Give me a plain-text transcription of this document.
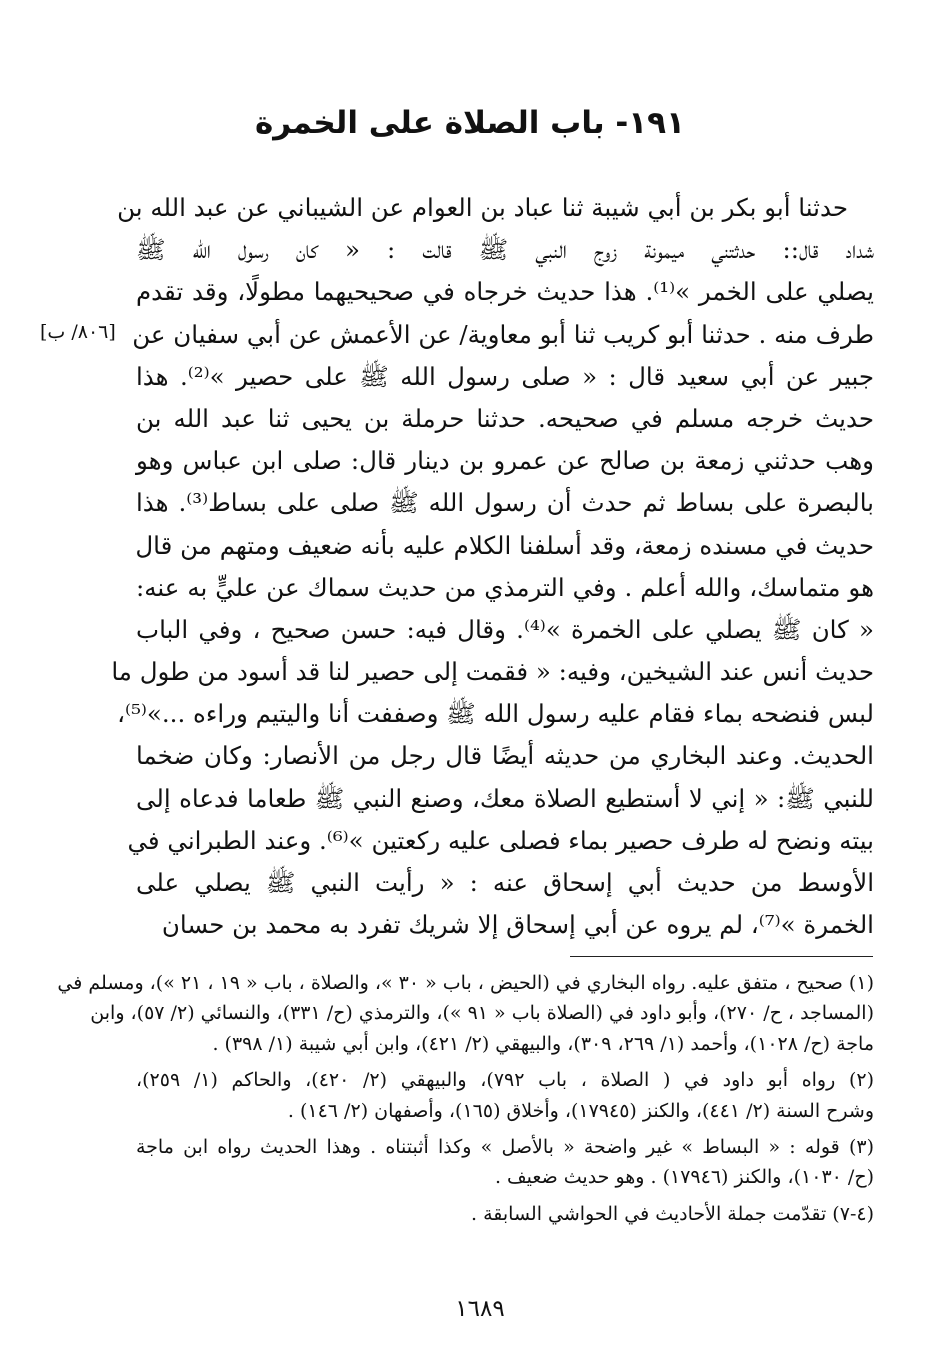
١٩١- باب الصلاة على الخمرة
حدثنا أبو بكر بن أبي شيبة ثنا عباد بن العوام عن الشيباني عن عبد الله بن
شداد قال:: حدثتني ميمونة زوج النبي ﷺ قالت : « كان رسول الله ﷺ
يصلي على الخمر »⁽¹⁾. هذا حديث خرجاه في صحيحيهما مطولًا، وقد تقدم
طرف منه . حدثنا أبو كريب ثنا أبو معاوية/ عن الأعمش عن أبي سفيان عن
جبير عن أبي سعيد قال : « صلى رسول الله ﷺ على حصير »⁽²⁾. هذا
حديث خرجه مسلم في صحيحه. حدثنا حرملة بن يحيى ثنا عبد الله بن
وهب حدثني زمعة بن صالح عن عمرو بن دينار قال: صلى ابن عباس وهو
بالبصرة على بساط ثم حدث أن رسول الله ﷺ صلى على بساط⁽³⁾. هذا
حديث في مسنده زمعة، وقد أسلفنا الكلام عليه بأنه ضعيف ومتهم من قال
هو متماسك، والله أعلم . وفي الترمذي من حديث سماك عن عليٍّ به عنه:
« كان ﷺ يصلي على الخمرة »⁽⁴⁾. وقال فيه: حسن صحيح ، وفي الباب
حديث أنس عند الشيخين، وفيه: « فقمت إلى حصير لنا قد أسود من طول ما
لبس فنضحه بماء فقام عليه رسول الله ﷺ وصففت أنا واليتيم وراءه ...»⁽⁵⁾،
الحديث. وعند البخاري من حديثه أيضًا قال رجل من الأنصار: وكان ضخما
للنبي ﷺ: « إني لا أستطيع الصلاة معك، وصنع النبي ﷺ طعاما فدعاه إلى
بيته ونضح له طرف حصير بماء فصلى عليه ركعتين »⁽⁶⁾. وعند الطبراني في
الأوسط من حديث أبي إسحاق عنه : « رأيت النبي ﷺ يصلي على
الخمرة »⁽⁷⁾، لم يروه عن أبي إسحاق إلا شريك تفرد به محمد بن حسان
[٨٠٦/ ب]
(١) صحيح ، متفق عليه. رواه البخاري في (الحيض ، باب « ٣٠ »، والصلاة ، باب « ١٩ ، ٢١ »)، ومسلم في
(المساجد ، ح/ ٢٧٠)، وأبو داود في (الصلاة باب « ٩١ »)، والترمذي (ح/ ٣٣١)، والنسائي (٢/ ٥٧)، وابن
ماجة (ح/ ١٠٢٨)، وأحمد (١/ ٢٦٩، ٣٠٩)، والبيهقي (٢/ ٤٢١)، وابن أبي شيبة (١/ ٣٩٨) .
(٢) رواه أبو داود في ( الصلاة ، باب ٧٩٢)، والبيهقي (٢/ ٤٢٠)، والحاكم (١/ ٢٥٩)،
وشرح السنة (٢/ ٤٤١)، والكنز (١٧٩٤٥)، وأخلاق (١٦٥)، وأصفهان (٢/ ١٤٦) .
(٣) قوله : « البساط » غير واضحة « بالأصل » وكذا أثبتناه . وهذا الحديث رواه ابن ماجة
(ح/ ١٠٣٠)، والكنز (١٧٩٤٦) . وهو حديث ضعيف .
(٤-٧) تقدّمت جملة الأحاديث في الحواشي السابقة .
١٦٨٩
